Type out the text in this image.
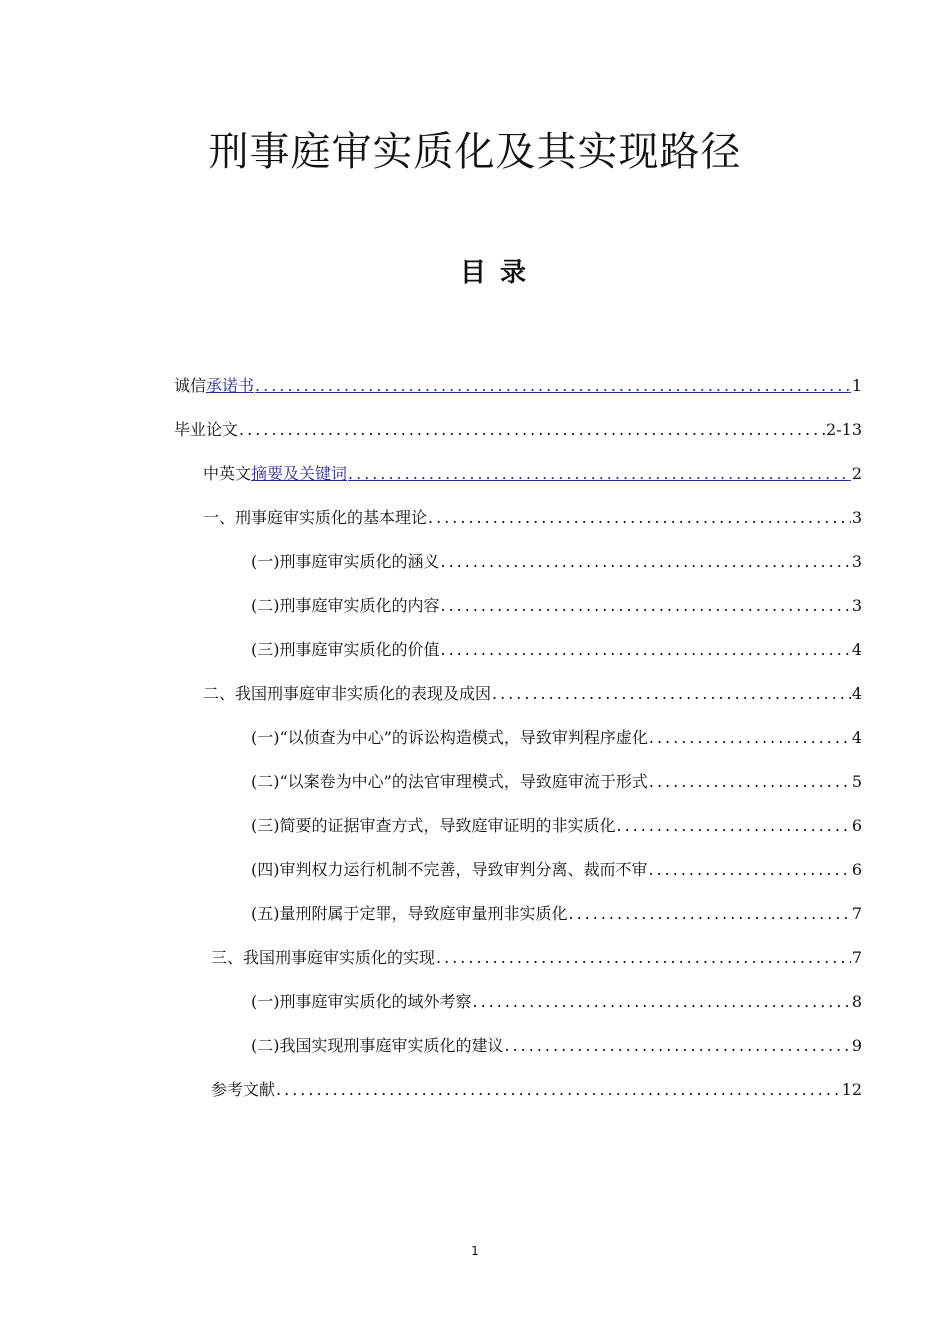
刑事庭审实质化及其实现路径
目录
诚信承诺书 .....	1
毕业论文 .....	2-13
中英文摘要及关键词 .....	2
一、刑事庭审实质化的基本理论 .....	3
(一)刑事庭审实质化的涵义 .....	3
(二)刑事庭审实质化的内容 .....	3
(三)刑事庭审实质化的价值 .....	4
二、我国刑事庭审非实质化的表现及成因 .....	4
(一)“以侦查为中心”的诉讼构造模式，导致审判程序虚化 .....	4
(二)“以案卷为中心”的法官审理模式，导致庭审流于形式 .....	5
(三)简要的证据审查方式，导致庭审证明的非实质化 .....	6
(四)审判权力运行机制不完善，导致审判分离、裁而不审 .....	6
(五)量刑附属于定罪，导致庭审量刑非实质化 .....	7
三、我国刑事庭审实质化的实现 .....	7
(一)刑事庭审实质化的域外考察 .....	8
(二)我国实现刑事庭审实质化的建议 .....	9
参考文献 .....	12
1
